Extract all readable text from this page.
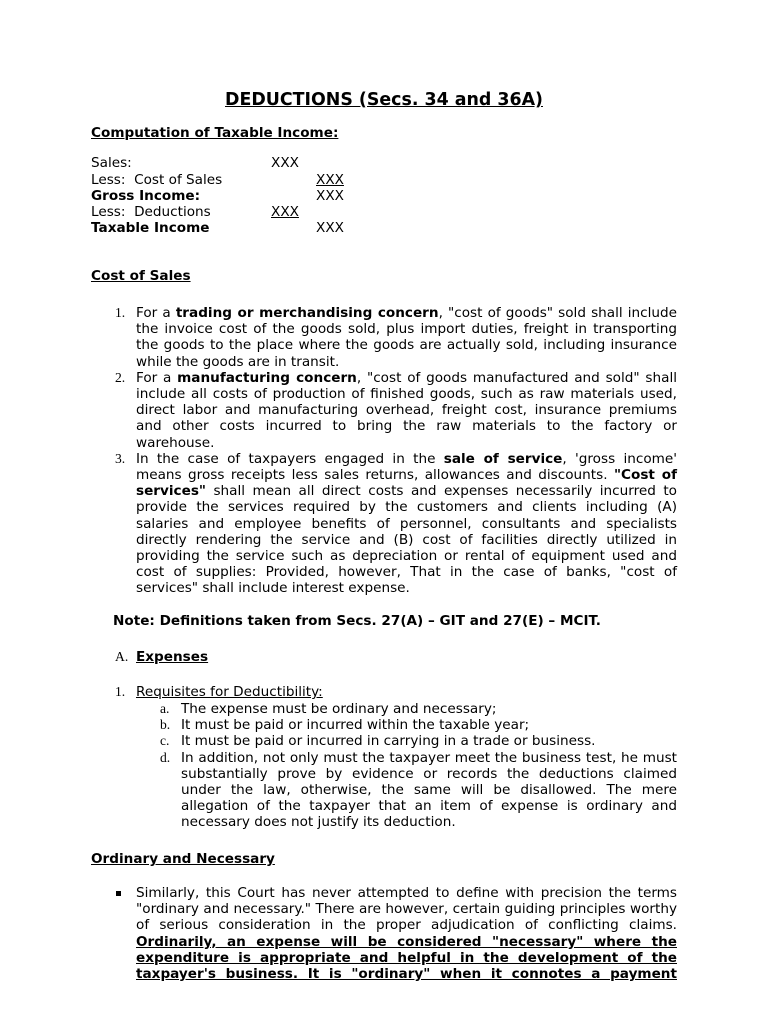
DEDUCTIONS (Secs. 34 and 36A)
Computation of Taxable Income:
Sales:	XXX
Less:  Cost of Sales	XXX
Gross Income:	XXX
Less:  Deductions	XXX
Taxable Income	XXX
Cost of Sales
1. For a trading or merchandising concern, "cost of goods" sold shall include the invoice cost of the goods sold, plus import duties, freight in transporting the goods to the place where the goods are actually sold, including insurance while the goods are in transit.

2. For a manufacturing concern, "cost of goods manufactured and sold" shall include all costs of production of finished goods, such as raw materials used, direct labor and manufacturing overhead, freight cost, insurance premiums and other costs incurred to bring the raw materials to the factory or warehouse.

3. In the case of taxpayers engaged in the sale of service, 'gross income' means gross receipts less sales returns, allowances and discounts. "Cost of services" shall mean all direct costs and expenses necessarily incurred to provide the services required by the customers and clients including (A) salaries and employee benefits of personnel, consultants and specialists directly rendering the service and (B) cost of facilities directly utilized in providing the service such as depreciation or rental of equipment used and cost of supplies: Provided, however, That in the case of banks, "cost of services" shall include interest expense.

Note: Definitions taken from Secs. 27(A) – GIT and 27(E) – MCIT.
A. Expenses
1. Requisites for Deductibility:
a. The expense must be ordinary and necessary;

b. It must be paid or incurred within the taxable year;

c. It must be paid or incurred in carrying in a trade or business.

d. In addition, not only must the taxpayer meet the business test, he must substantially prove by evidence or records the deductions claimed under the law, otherwise, the same will be disallowed. The mere allegation of the taxpayer that an item of expense is ordinary and necessary does not justify its deduction.

Ordinary and Necessary

Similarly, this Court has never attempted to define with precision the terms "ordinary and necessary." There are however, certain guiding principles worthy of serious consideration in the proper adjudication of conflicting claims. Ordinarily, an expense will be considered "necessary" where the expenditure is appropriate and helpful in the development of the taxpayer's business. It is "ordinary" when it connotes a payment
